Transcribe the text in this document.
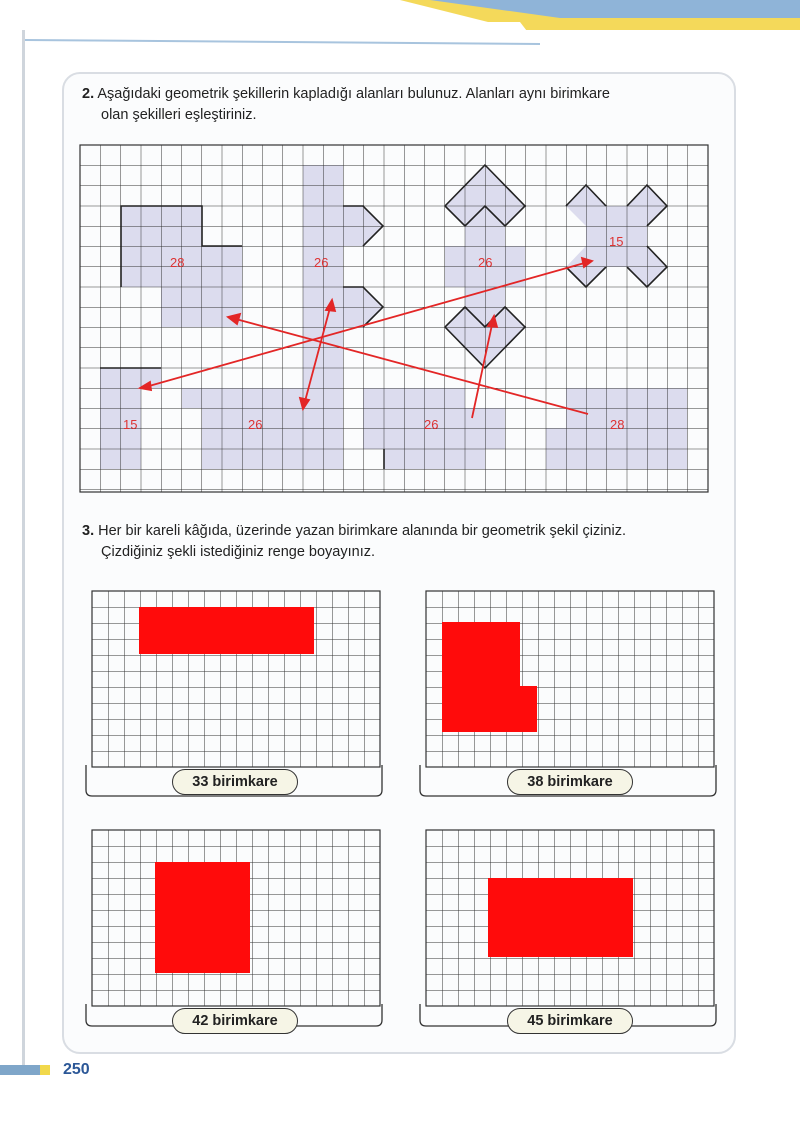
2. Aşağıdaki geometrik şekillerin kapladığı alanları bulunuz. Alanları aynı birimkare
olan şekilleri eşleştiriniz.
28	26	26
15
15	26	26	28
3. Her bir kareli kâğıda, üzerinde yazan birimkare alanında bir geometrik şekil çiziniz.
Çizdiğiniz şekli istediğiniz renge boyayınız.
33 birimkare	38 birimkare
42 birimkare	45 birimkare
250
